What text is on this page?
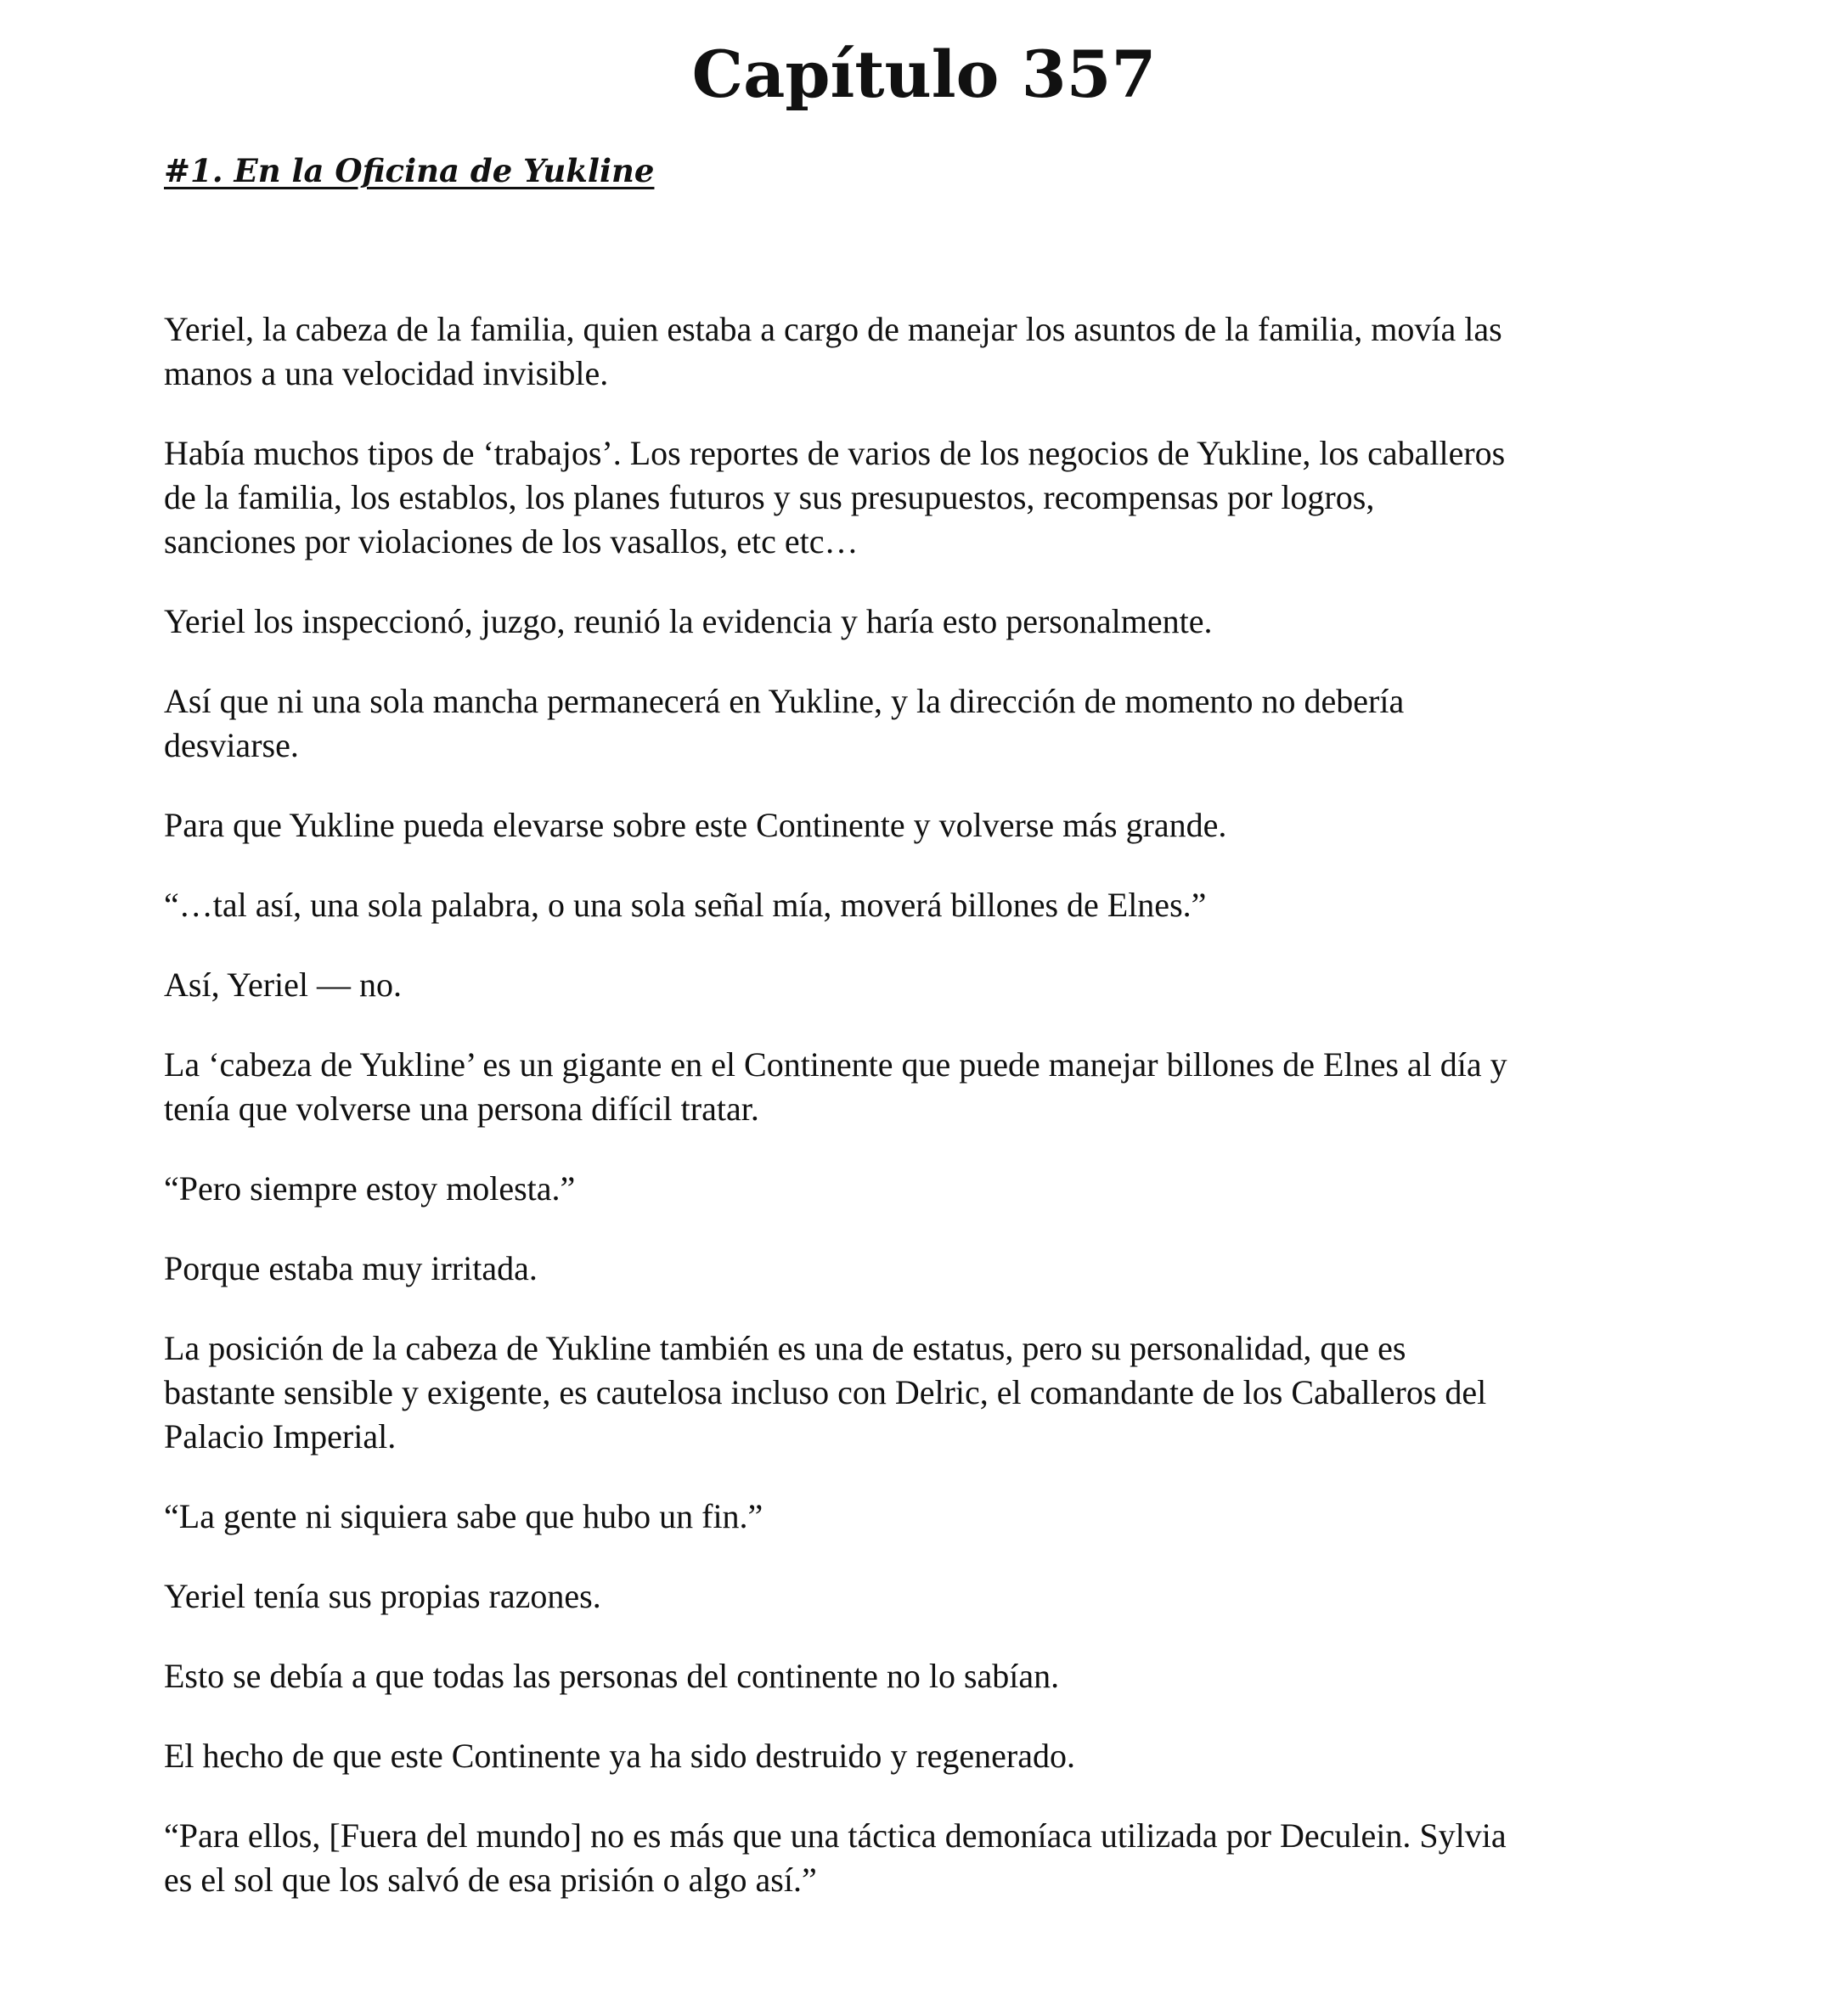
Capítulo 357
#1. En la Oficina de Yukline

Yeriel, la cabeza de la familia, quien estaba a cargo de manejar los asuntos de la familia, movía las
manos a una velocidad invisible.

Había muchos tipos de ‘trabajos’. Los reportes de varios de los negocios de Yukline, los caballeros
de la familia, los establos, los planes futuros y sus presupuestos, recompensas por logros,
sanciones por violaciones de los vasallos, etc etc…

Yeriel los inspeccionó, juzgo, reunió la evidencia y haría esto personalmente.

Así que ni una sola mancha permanecerá en Yukline, y la dirección de momento no debería
desviarse.

Para que Yukline pueda elevarse sobre este Continente y volverse más grande.

“…tal así, una sola palabra, o una sola señal mía, moverá billones de Elnes.”

Así, Yeriel — no.

La ‘cabeza de Yukline’ es un gigante en el Continente que puede manejar billones de Elnes al día y
tenía que volverse una persona difícil tratar.

“Pero siempre estoy molesta.”

Porque estaba muy irritada.

La posición de la cabeza de Yukline también es una de estatus, pero su personalidad, que es
bastante sensible y exigente, es cautelosa incluso con Delric, el comandante de los Caballeros del
Palacio Imperial.

“La gente ni siquiera sabe que hubo un fin.”

Yeriel tenía sus propias razones.

Esto se debía a que todas las personas del continente no lo sabían.

El hecho de que este Continente ya ha sido destruido y regenerado.

“Para ellos, [Fuera del mundo] no es más que una táctica demoníaca utilizada por Deculein. Sylvia
es el sol que los salvó de esa prisión o algo así.”
